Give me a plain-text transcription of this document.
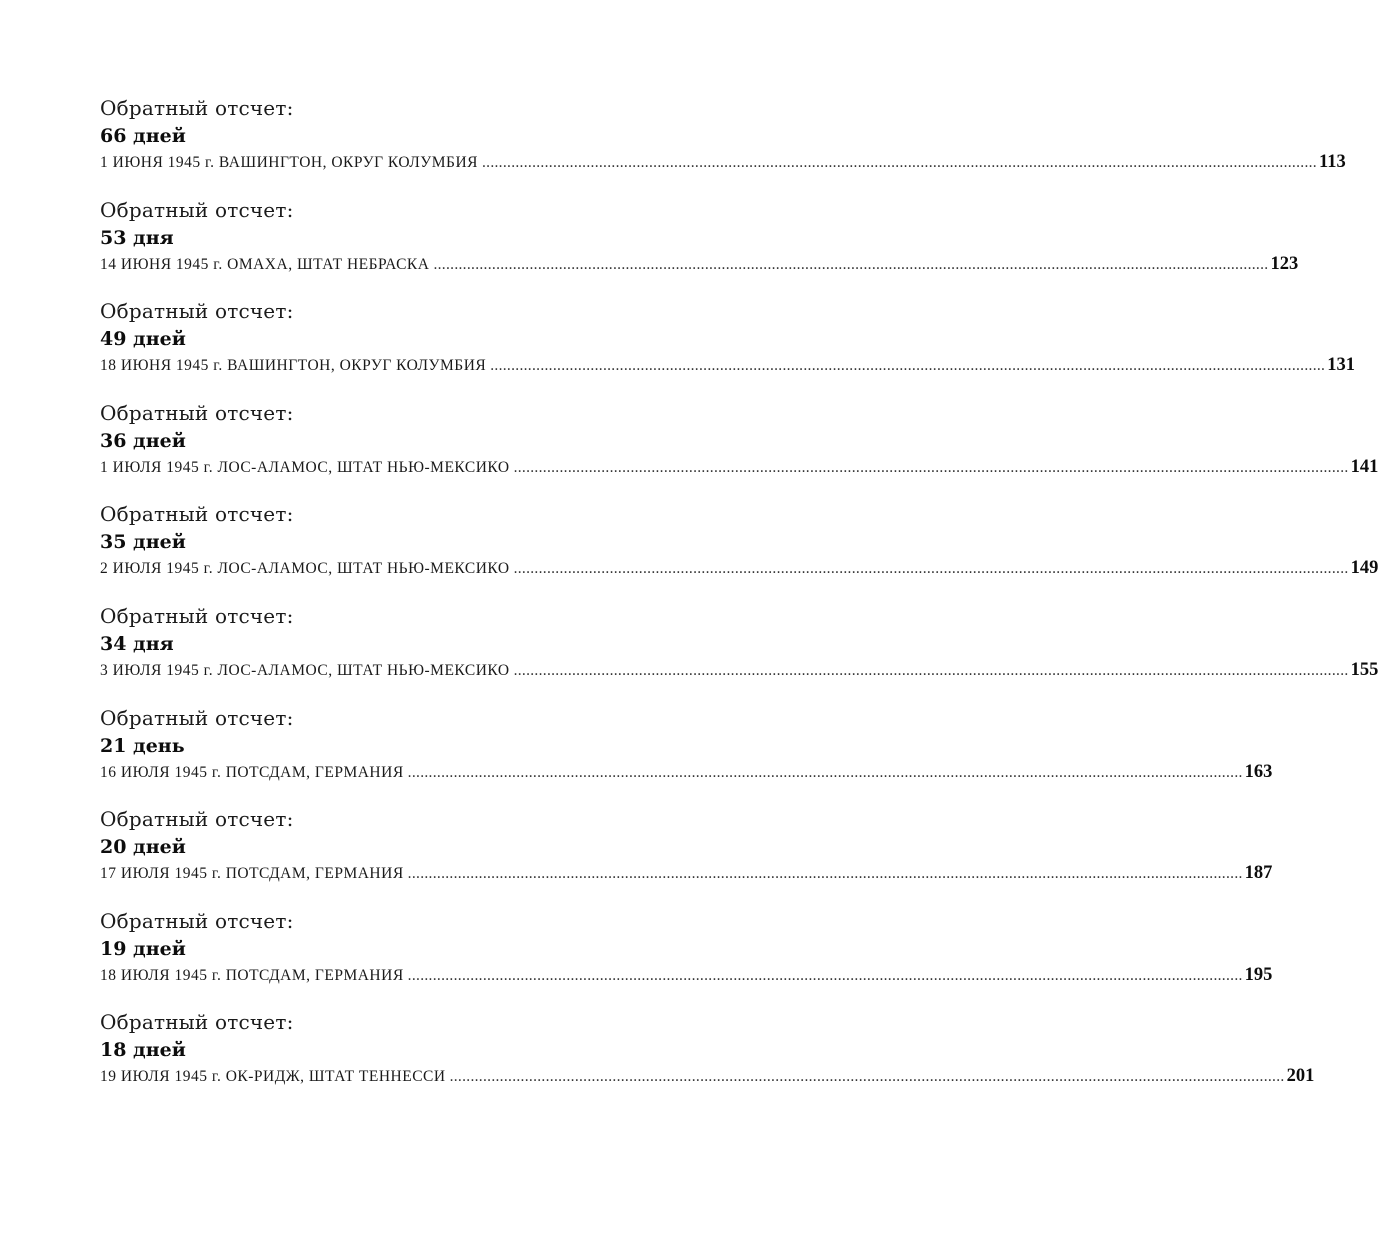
Обратный отсчет:
66 дней
1 ИЮНЯ 1945 г. ВАШИНГТОН, ОКРУГ КОЛУМБИЯ ........................................................................................................................................................................................................ 113
Обратный отсчет:
53 дня
14 ИЮНЯ 1945 г. ОМАХА, ШТАТ НЕБРАСКА ........................................................................................................................................................................................................ 123
Обратный отсчет:
49 дней
18 ИЮНЯ 1945 г. ВАШИНГТОН, ОКРУГ КОЛУМБИЯ ........................................................................................................................................................................................................ 131
Обратный отсчет:
36 дней
1 ИЮЛЯ 1945 г. ЛОС-АЛАМОС, ШТАТ НЬЮ-МЕКСИКО ........................................................................................................................................................................................................ 141
Обратный отсчет:
35 дней
2 ИЮЛЯ 1945 г. ЛОС-АЛАМОС, ШТАТ НЬЮ-МЕКСИКО ........................................................................................................................................................................................................ 149
Обратный отсчет:
34 дня
3 ИЮЛЯ 1945 г. ЛОС-АЛАМОС, ШТАТ НЬЮ-МЕКСИКО ........................................................................................................................................................................................................ 155
Обратный отсчет:
21 день
16 ИЮЛЯ 1945 г. ПОТСДАМ, ГЕРМАНИЯ ........................................................................................................................................................................................................ 163
Обратный отсчет:
20 дней
17 ИЮЛЯ 1945 г. ПОТСДАМ, ГЕРМАНИЯ ........................................................................................................................................................................................................ 187
Обратный отсчет:
19 дней
18 ИЮЛЯ 1945 г. ПОТСДАМ, ГЕРМАНИЯ ........................................................................................................................................................................................................ 195
Обратный отсчет:
18 дней
19 ИЮЛЯ 1945 г. ОК-РИДЖ, ШТАТ ТЕННЕССИ ........................................................................................................................................................................................................ 201
